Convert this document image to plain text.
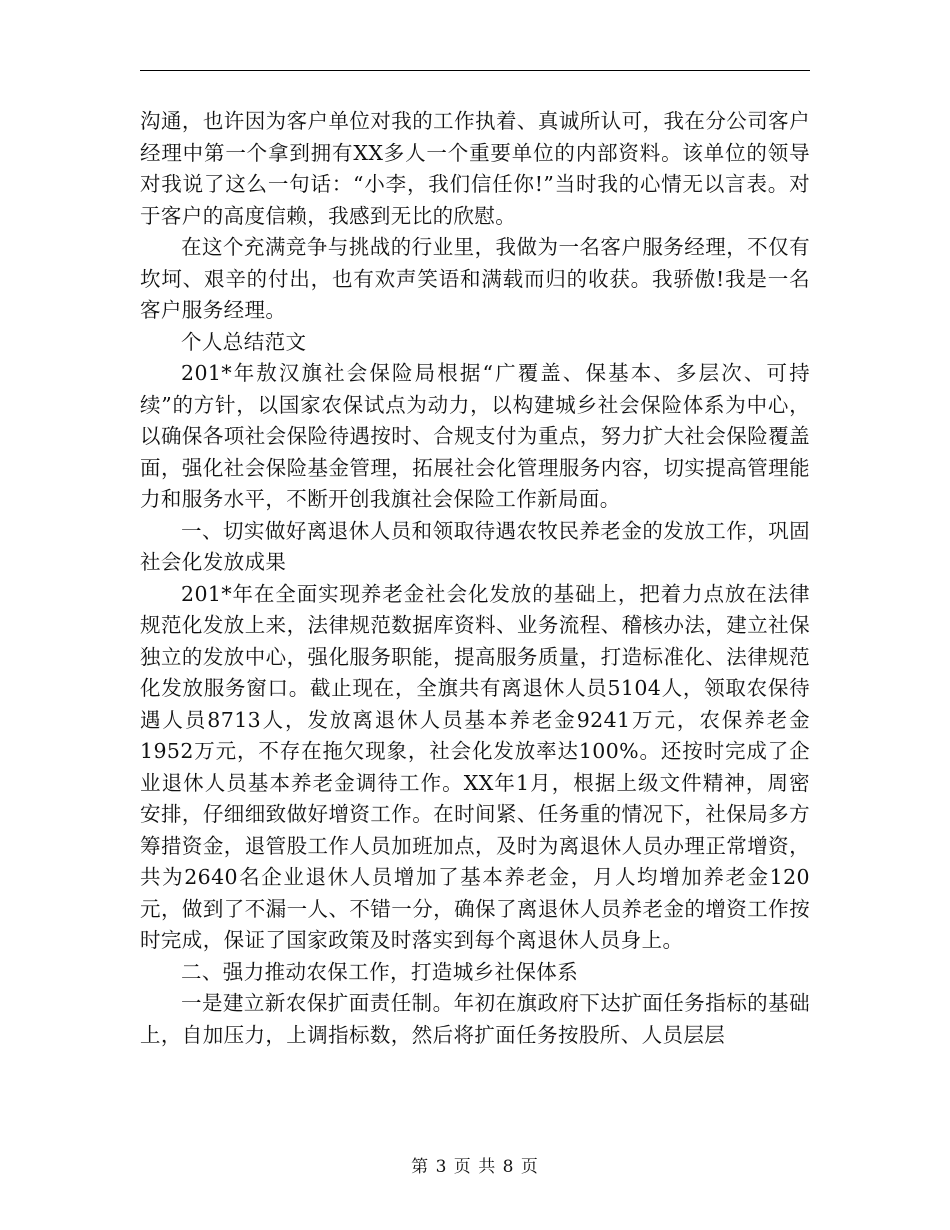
沟通，也许因为客户单位对我的工作执着、真诚所认可，我在分公司客户经理中第一个拿到拥有XX多人一个重要单位的内部资料。该单位的领导对我说了这么一句话：“小李，我们信任你!”当时我的心情无以言表。对于客户的高度信赖，我感到无比的欣慰。

在这个充满竞争与挑战的行业里，我做为一名客户服务经理，不仅有坎坷、艰辛的付出，也有欢声笑语和满载而归的收获。我骄傲!我是一名客户服务经理。

个人总结范文

201*年敖汉旗社会保险局根据“广覆盖、保基本、多层次、可持续”的方针，以国家农保试点为动力，以构建城乡社会保险体系为中心，以确保各项社会保险待遇按时、合规支付为重点，努力扩大社会保险覆盖面，强化社会保险基金管理，拓展社会化管理服务内容，切实提高管理能力和服务水平，不断开创我旗社会保险工作新局面。

一、切实做好离退休人员和领取待遇农牧民养老金的发放工作，巩固社会化发放成果

201*年在全面实现养老金社会化发放的基础上，把着力点放在法律规范化发放上来，法律规范数据库资料、业务流程、稽核办法，建立社保独立的发放中心，强化服务职能，提高服务质量，打造标准化、法律规范化发放服务窗口。截止现在，全旗共有离退休人员5104人，领取农保待遇人员8713人，发放离退休人员基本养老金9241万元，农保养老金1952万元，不存在拖欠现象，社会化发放率达100%。还按时完成了企业退休人员基本养老金调待工作。XX年1月，根据上级文件精神，周密安排，仔细细致做好增资工作。在时间紧、任务重的情况下，社保局多方筹措资金，退管股工作人员加班加点，及时为离退休人员办理正常增资，共为2640名企业退休人员增加了基本养老金，月人均增加养老金120元，做到了不漏一人、不错一分，确保了离退休人员养老金的增资工作按时完成，保证了国家政策及时落实到每个离退休人员身上。

二、强力推动农保工作，打造城乡社保体系

一是建立新农保扩面责任制。年初在旗政府下达扩面任务指标的基础上，自加压力，上调指标数，然后将扩面任务按股所、人员层层

第 3 页 共 8 页
